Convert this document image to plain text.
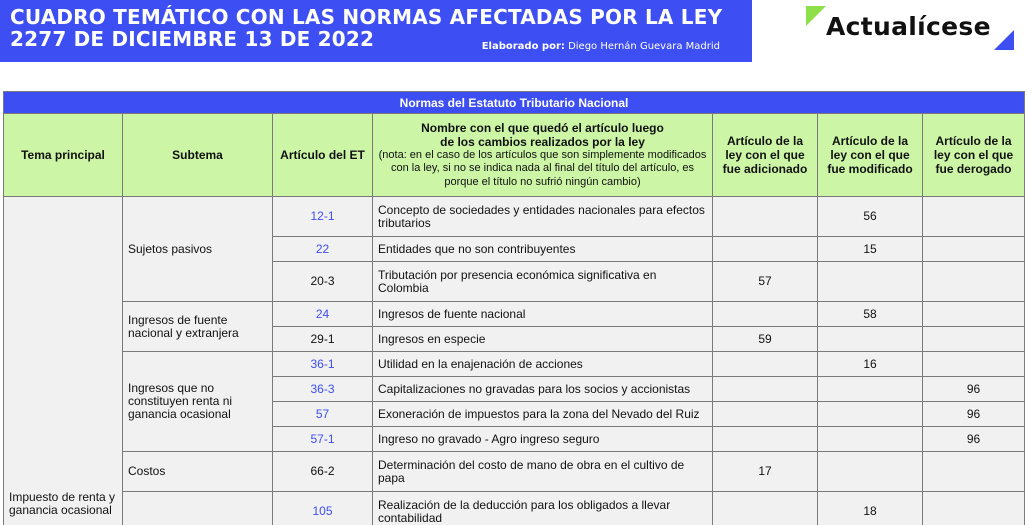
CUADRO TEMÁTICO CON LAS NORMAS AFECTADAS POR LA LEY
2277 DE DICIEMBRE 13 DE 2022	Elaborado por: Diego Hernán Guevara Madrid
Actualícese
Normas del Estatuto Tributario Nacional						
Tema principal	Subtema	Artículo del ET	Nombre con el que quedó el artículo luego
de los cambios realizados por la ley
(nota: en el caso de los artículos que son simplemente modificados con la ley, si no se indica nada al final del título del artículo, es porque el título no sufrió ningún cambio)	Artículo de la ley con el que fue adicionado	Artículo de la ley con el que fue modificado	Artículo de la ley con el que fue derogado
Impuesto de renta y ganancia ocasional	Sujetos pasivos	12-1	Concepto de sociedades y entidades nacionales para efectos tributarios		56	
		22	Entidades que no son contribuyentes		15	
		20-3	Tributación por presencia económica significativa en Colombia	57		
	Ingresos de fuente nacional y extranjera	24	Ingresos de fuente nacional		58	
		29-1	Ingresos en especie	59		
	Ingresos que no constituyen renta ni ganancia ocasional	36-1	Utilidad en la enajenación de acciones		16	
		36-3	Capitalizaciones no gravadas para los socios y accionistas			96
		57	Exoneración de impuestos para la zona del Nevado del Ruiz			96
		57-1	Ingreso no gravado - Agro ingreso seguro			96
	Costos	66-2	Determinación del costo de mano de obra en el cultivo de papa	17		
		105	Realización de la deducción para los obligados a llevar contabilidad		18	
